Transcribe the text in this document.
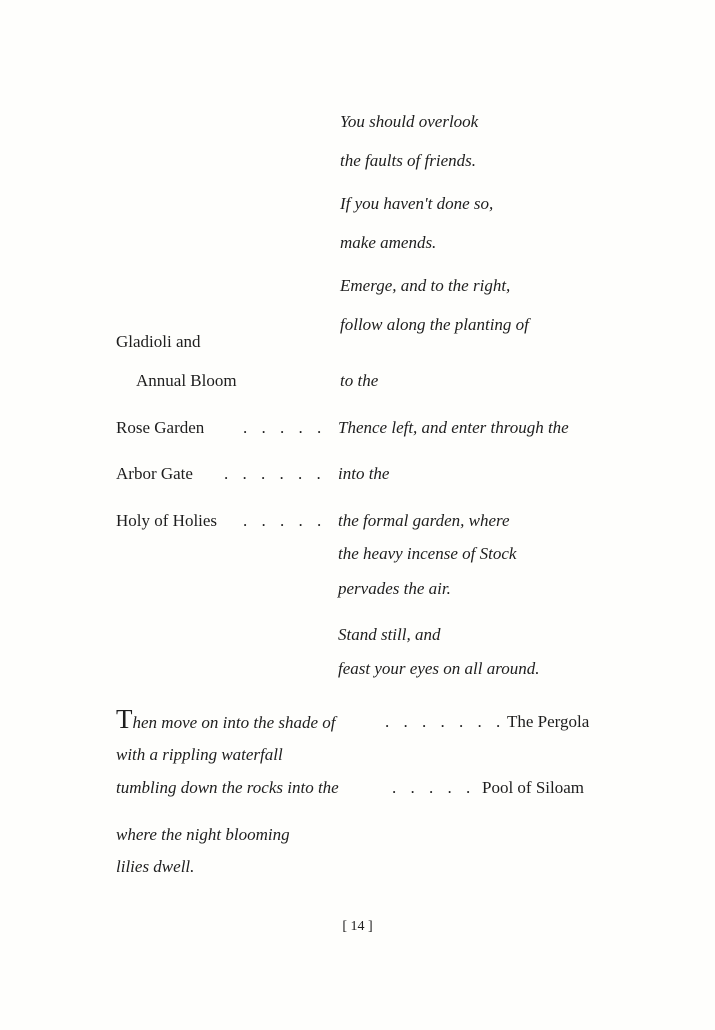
You should overlook
the faults of friends.
If you haven't done so,
make amends.
Emerge, and to the right,
follow along the planting of
Gladioli and
Annual Bloom	to the
Rose Garden . . . . . Thence left, and enter through the
Arbor Gate . . . . . . into the
Holy of Holies . . . . . the formal garden, where
the heavy incense of Stock
pervades the air.
Stand still, and
feast your eyes on all around.
Then move on into the shade of	. . . . . . . The Pergola
with a rippling waterfall
tumbling down the rocks into the	. . . . . Pool of Siloam
where the night blooming
lilies dwell.
[ 14 ]
